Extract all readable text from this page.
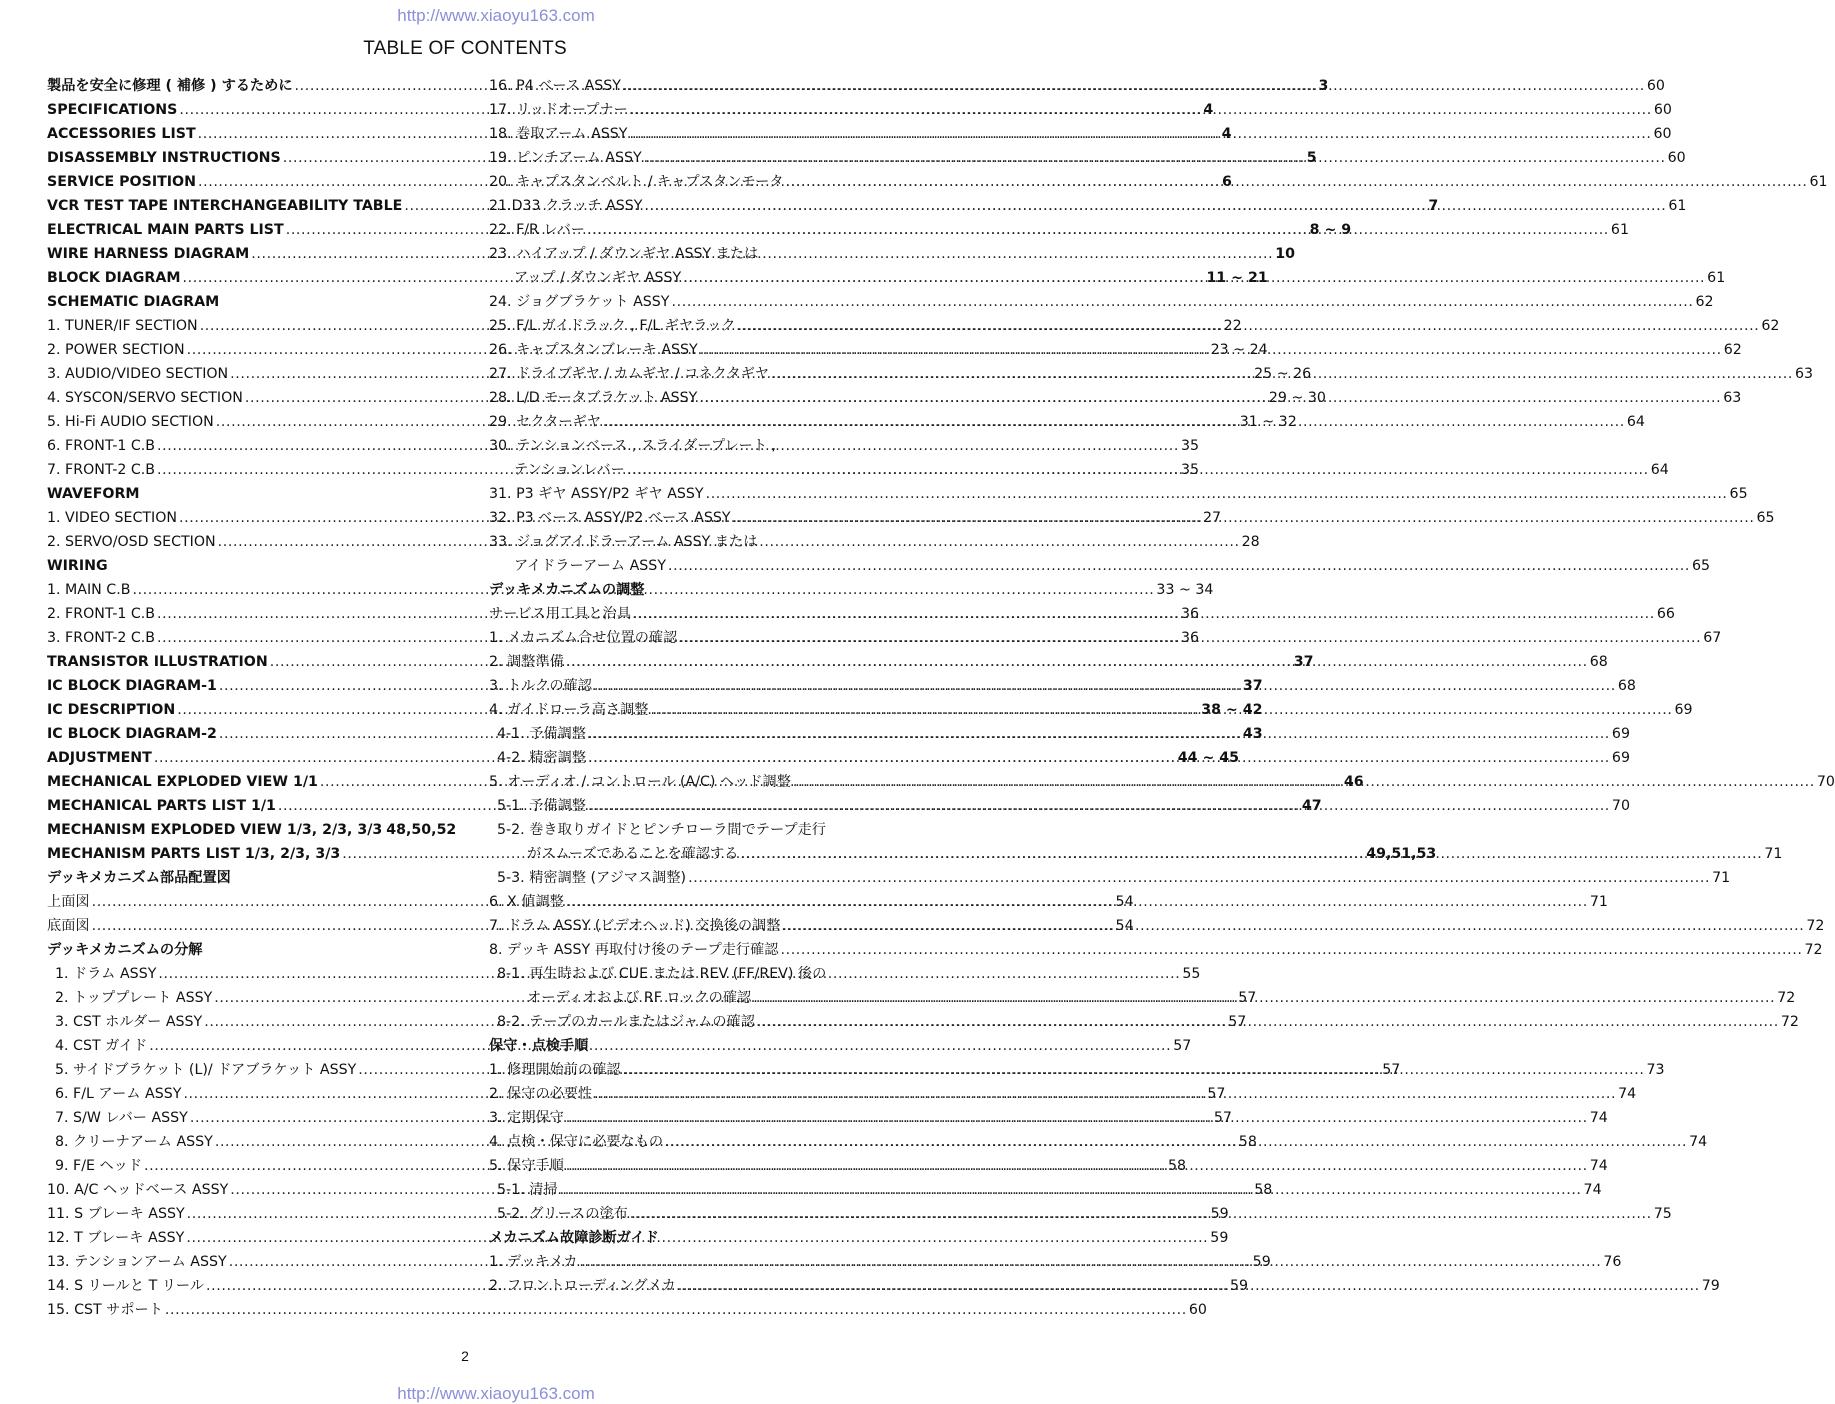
http://www.xiaoyu163.com
TABLE OF CONTENTS
製品を安全に修理 ( 補修 ) するために .....	3
SPECIFICATIONS .....	4
ACCESSORIES LIST .....	4
DISASSEMBLY INSTRUCTIONS .....	5
SERVICE POSITION .....	6
VCR TEST TAPE INTERCHANGEABILITY TABLE .....	7
ELECTRICAL MAIN PARTS LIST .....	8 ~ 9
WIRE HARNESS DIAGRAM .....	10
BLOCK DIAGRAM .....	11 ~ 21
SCHEMATIC DIAGRAM
1. TUNER/IF SECTION .....	22
2. POWER SECTION .....	23 ~ 24
3. AUDIO/VIDEO SECTION .....	25 ~ 26
4. SYSCON/SERVO SECTION .....	29 ~ 30
5. Hi-Fi AUDIO SECTION .....	31 ~ 32
6. FRONT-1 C.B .....	35
7. FRONT-2 C.B .....	35
WAVEFORM
1. VIDEO SECTION .....	27
2. SERVO/OSD SECTION .....	28
WIRING
1. MAIN C.B .....	33 ~ 34
2. FRONT-1 C.B .....	36
3. FRONT-2 C.B .....	36
TRANSISTOR ILLUSTRATION .....	37
IC BLOCK DIAGRAM-1 .....	37
IC DESCRIPTION .....	38 ~ 42
IC BLOCK DIAGRAM-2 .....	43
ADJUSTMENT .....	44 ~ 45
MECHANICAL EXPLODED VIEW 1/1 .....	46
MECHANICAL PARTS LIST 1/1 .....	47
MECHANISM EXPLODED VIEW 1/3, 2/3, 3/3 48,50,52
MECHANISM PARTS LIST 1/3, 2/3, 3/3 .....	49,51,53
デッキメカニズム部品配置図
上面図 .....	54
底面図 .....	54
デッキメカニズムの分解
1. ドラム ASSY .....	55
2. トッププレート ASSY .....	57
3. CST ホルダー ASSY .....	57
4. CST ガイド .....	57
5. サイドブラケット (L)/ ドアブラケット ASSY .....	57
6. F/L アーム ASSY .....	57
7. S/W レバー ASSY .....	57
8. クリーナアーム ASSY .....	58
9. F/E ヘッド .....	58
10. A/C ヘッドベース ASSY .....	58
11. S ブレーキ ASSY .....	59
12. T ブレーキ ASSY .....	59
13. テンションアーム ASSY .....	59
14. S リールと T リール .....	59
15. CST サポート .....	60
16. P4 ベース ASSY .....	60
17. リッドオープナー .....	60
18. 巻取アーム ASSY .....	60
19. ピンチアーム ASSY .....	60
20. キャプスタンベルト / キャプスタンモータ .....	61
21.D33 クラッチ ASSY .....	61
22. F/R レバー .....	61
23. ハイアップ / ダウンギヤ ASSY または
アップ / ダウンギヤ ASSY .....	61
24. ジョグブラケット ASSY .....	62
25. F/L ガイドラック , F/L ギヤラック .....	62
26. キャプスタンブレーキ ASSY .....	62
27. ドライブギヤ / カムギヤ / コネクタギヤ .....	63
28. L/D モータブラケット ASSY .....	63
29. セクターギヤ .....	64
30. テンションベース , スライダープレート ,
テンションレバー .....	64
31. P3 ギヤ ASSY/P2 ギヤ ASSY .....	65
32. P3 ベース ASSY/P2 ベース ASSY .....	65
33. ジョグアイドラーアーム ASSY または
アイドラーアーム ASSY .....	65
デッキメカニズムの調整
サービス用工具と治具 .....	66
1. メカニズム合せ位置の確認 .....	67
2. 調整準備 .....	68
3. トルクの確認 .....	68
4. ガイドローラ高さ調整 .....	69
4-1. 予備調整 .....	69
4-2. 精密調整 .....	69
5. オーディオ / コントロール (A/C) ヘッド調整 .....	70
5-1. 予備調整 .....	70
5-2. 巻き取りガイドとピンチローラ間でテープ走行
がスムーズであることを確認する .....	71
5-3. 精密調整 (アジマス調整) .....	71
6. X 値調整 .....	71
7. ドラム ASSY (ビデオヘッド) 交換後の調整 .....	72
8. デッキ ASSY 再取付け後のテープ走行確認 .....	72
8-1. 再生時および CUE または REV (FF/REV) 後の
オーディオおよび RF ロックの確認 .....	72
8-2. テープのカールまたはジャムの確認 .....	72
保守・点検手順
1. 修理開始前の確認 .....	73
2. 保守の必要性 .....	74
3. 定期保守 .....	74
4. 点検・保守に必要なもの .....	74
5. 保守手順 .....	74
5-1. 清掃 .....	74
5-2. グリースの塗布 .....	75
メカニズム故障診断ガイド
1. デッキメカ .....	76
2. フロントローディングメカ .....	79
2
http://www.xiaoyu163.com
